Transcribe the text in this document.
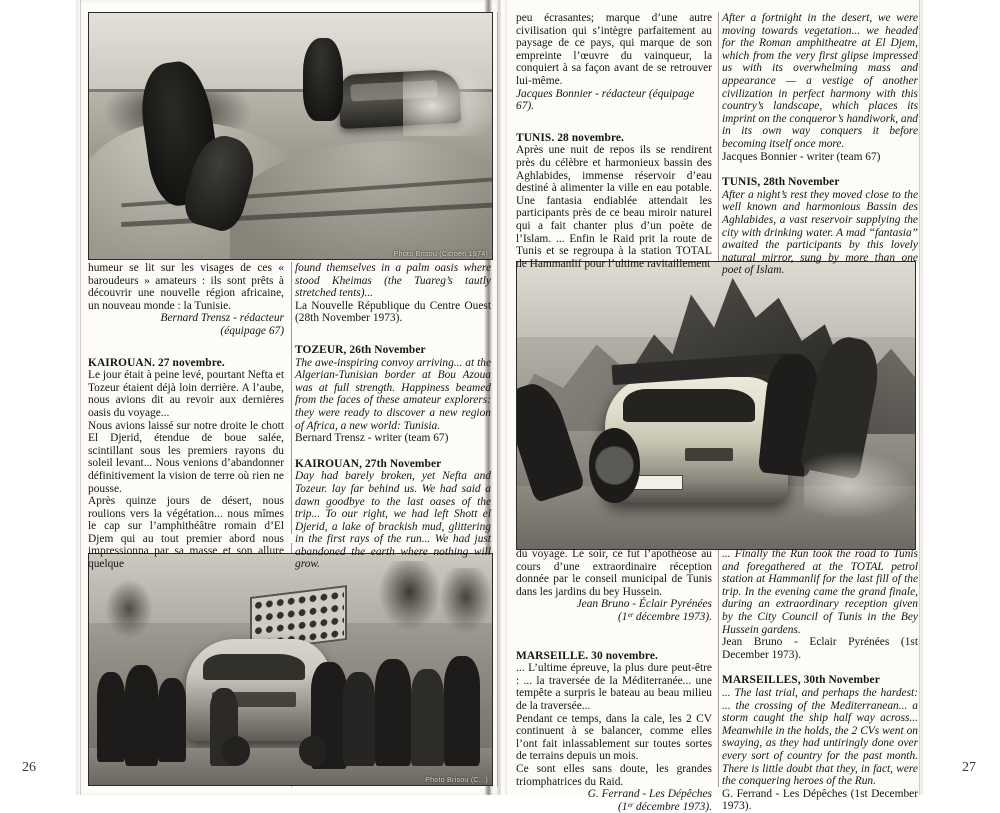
Photo Brisou (Citroën 1974)
Photo Brisou (C...)

humeur se lit sur les visages de ces « baroudeurs » amateurs : ils sont prêts à découvrir une nouvelle région africaine, un nouveau monde : la Tunisie.

Bernard Trensz - rédacteur

(équipage 67)

KAIROUAN. 27 novembre.

Le jour était à peine levé, pourtant Nefta et Tozeur étaient déjà loin derrière. A l’aube, nous avions dit au revoir aux dernières oasis du voyage...

Nous avions laissé sur notre droite le chott El Djerid, étendue de boue salée, scintillant sous les premiers rayons du soleil levant... Nous venions d’abandonner définitivement la vision de terre où rien ne pousse.

Après quinze jours de désert, nous roulions vers la végétation... nous mîmes le cap sur l’amphithéâtre romain d’El Djem qui au tout premier abord nous impressionna par sa masse et son allure quelque

found themselves in a palm oasis where stood Kheimas (the Tuareg’s tautly stretched tents)...

La Nouvelle République du Centre Ouest (28th November 1973).

TOZEUR, 26th November

The awe-inspiring convoy arriving... at the Algerian-Tunisian border at Bou Azoua was at full strength. Happiness beamed from the faces of these amateur explorers: they were ready to discover a new region of Africa, a new world: Tunisia.

Bernard Trensz - writer (team 67)

KAIROUAN, 27th November

Day had barely broken, yet Nefta and Tozeur. lay far behind us. We had said a dawn goodbye to the last oases of the trip... To our right, we had left Shott el Djerid, a lake of brackish mud, glittering in the first rays of the run... We had just abandoned the earth where nothing will grow.

peu écrasantes; marque d’une autre civilisation qui s’intègre parfaitement au paysage de ce pays, qui marque de son empreinte l’œuvre du vainqueur, la conquiert à sa façon avant de se retrouver lui-même.

Jacques Bonnier - rédacteur (équipage 67).

TUNIS. 28 novembre.

Après une nuit de repos ils se rendirent près du célèbre et harmonieux bassin des Aghlabides, immense réservoir d’eau destiné à alimenter la ville en eau potable. Une fantasia endiablée attendait les participants près de ce beau miroir naturel qui a fait chanter plus d’un poète de l’Islam. ... Enfin le Raid prit la route de Tunis et se regroupa à la station TOTAL de Hammanlif pour l’ultime ravitaillement

du voyage. Le soir, ce fut l’apothéose au cours d’une extraordinaire réception donnée par le conseil municipal de Tunis dans les jardins du bey Hussein.

Jean Bruno - Éclair Pyrénées

(1ᵉʳ décembre 1973).

MARSEILLE. 30 novembre.

... L’ultime épreuve, la plus dure peut-être : ... la traversée de la Méditerranée... une tempête a surpris le bateau au beau milieu de la traversée...

Pendant ce temps, dans la cale, les 2 CV continuent à se balancer, comme elles l’ont fait inlassablement sur toutes sortes de terrains depuis un mois.

Ce sont elles sans doute, les grandes triomphatrices du Raid.

G. Ferrand - Les Dépêches

(1ᵉʳ décembre 1973).

After a fortnight in the desert, we were moving towards vegetation... we headed for the Roman amphitheatre at El Djem, which from the very first glipse impressed us with its overwhelming mass and appearance — a vestige of another civilization in perfect harmony with this country’s landscape, which places its imprint on the conqueror’s handiwork, and in its own way conquers it before becoming itself once more.

Jacques Bonnier - writer (team 67)

TUNIS, 28th November

After a night’s rest they moved close to the well known and harmonious Bassin des Aghlabides, a vast reservoir supplying the city with drinking water. A mad “fantasia” awaited the participants by this lovely natural mirror, sung by more than one poet of Islam.

... Finally the Run took the road to Tunis and foregathered at the TOTAL petrol station at Hammanlif for the last fill of the trip. In the evening came the grand finale, during an extraordinary reception given by the City Council of Tunis in the Bey Hussein gardens.

Jean Bruno - Eclair Pyrénées (1st December 1973).

MARSEILLES, 30th November

... The last trial, and perhaps the hardest: ... the crossing of the Mediterranean... a storm caught the ship half way across... Meanwhile in the holds, the 2 CVs went on swaying, as they had untiringly done over every sort of country for the past month. There is little doubt that they, in fact, were the conquering heroes of the Run.

G. Ferrand - Les Dépêches (1st December 1973).

26	27
